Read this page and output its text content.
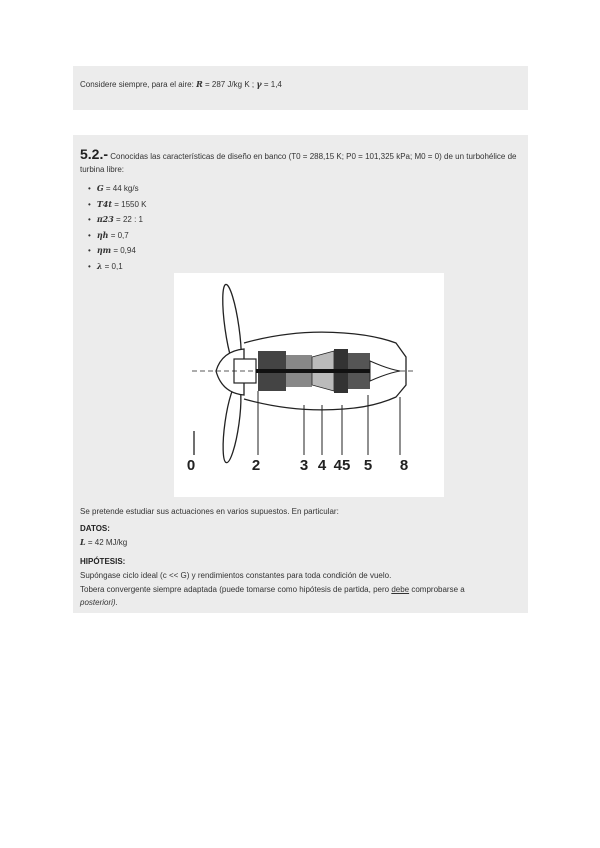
Considere siempre, para el aire: R = 287 J/kg K ; γ = 1,4
5.2.- Conocidas las características de diseño en banco (T0 = 288,15 K; P0 = 101,325 kPa; M0 = 0) de un turbohélice de turbina libre:
• G = 44 kg/s
• T4t = 1550 K
• π23 = 22 : 1
• ηh = 0,7
• ηm = 0,94
• λ = 0,1
0	2	3 4 45 5 8
Se pretende estudiar sus actuaciones en varios supuestos. En particular:
DATOS:
L = 42 MJ/kg
HIPÓTESIS:
Supóngase ciclo ideal (c << G) y rendimientos constantes para toda condición de vuelo.
Tobera convergente siempre adaptada (puede tomarse como hipótesis de partida, pero debe comprobarse a
posteriori).
